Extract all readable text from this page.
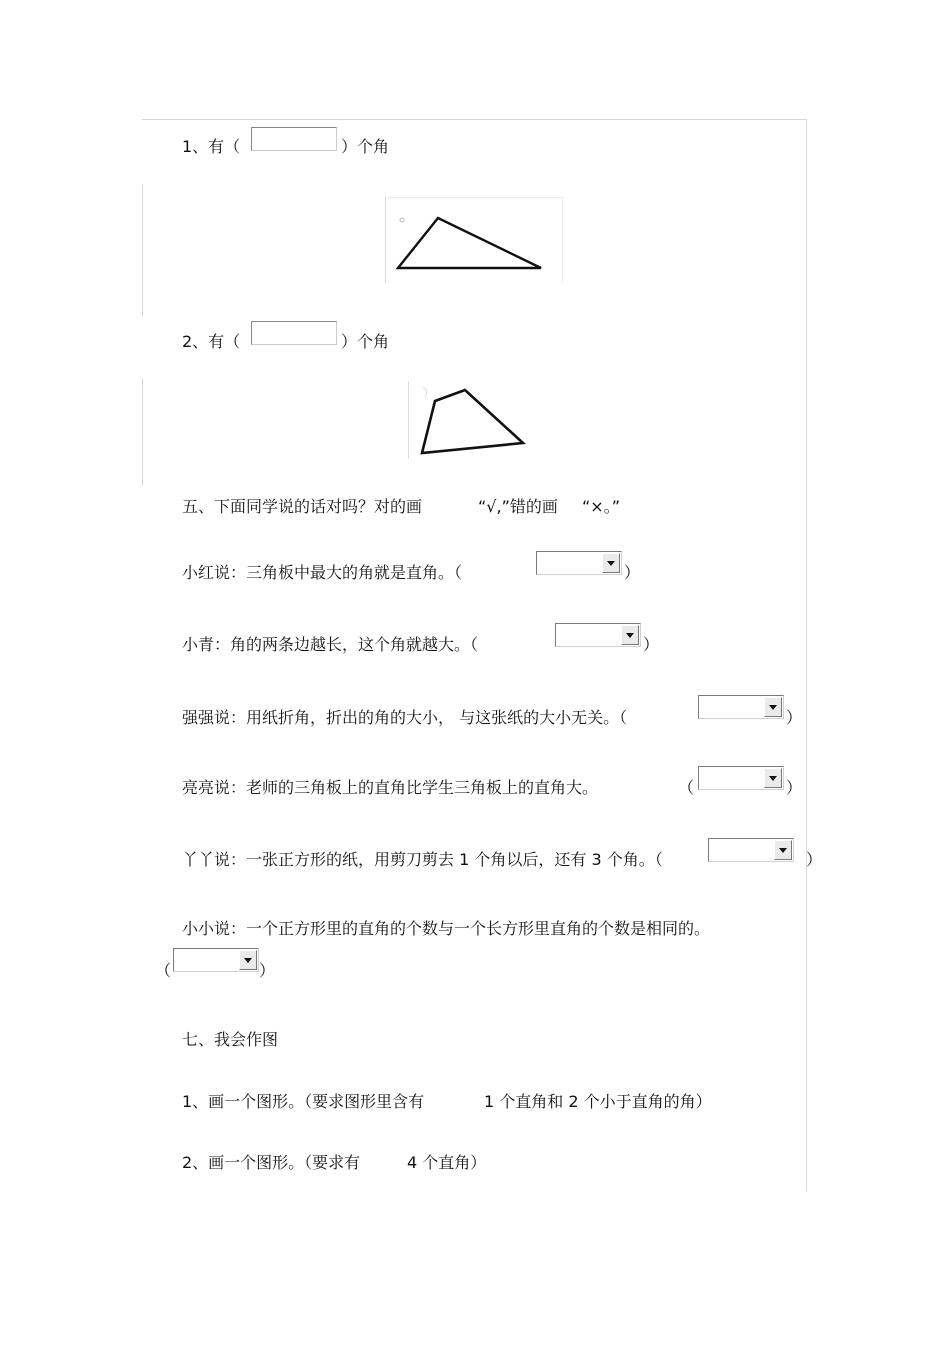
1、有（	）个角
2、有（	）个角
五、下面同学说的话对吗？对的画	“√,”错的画 “×。”
小红说：三角板中最大的角就是直角。（	）
小青：角的两条边越长，这个角就越大。（	）
强强说：用纸折角，折出的角的大小， 与这张纸的大小无关。（	）
亮亮说：老师的三角板上的直角比学生三角板上的直角大。	（	）
丫丫说：一张正方形的纸，用剪刀剪去 1 个角以后，还有 3 个角。（	）
小小说：一个正方形里的直角的个数与一个长方形里直角的个数是相同的。
（	）
七、我会作图
1、画一个图形。（要求图形里含有	1 个直角和 2 个小于直角的角）
2、画一个图形。（要求有	4 个直角）
